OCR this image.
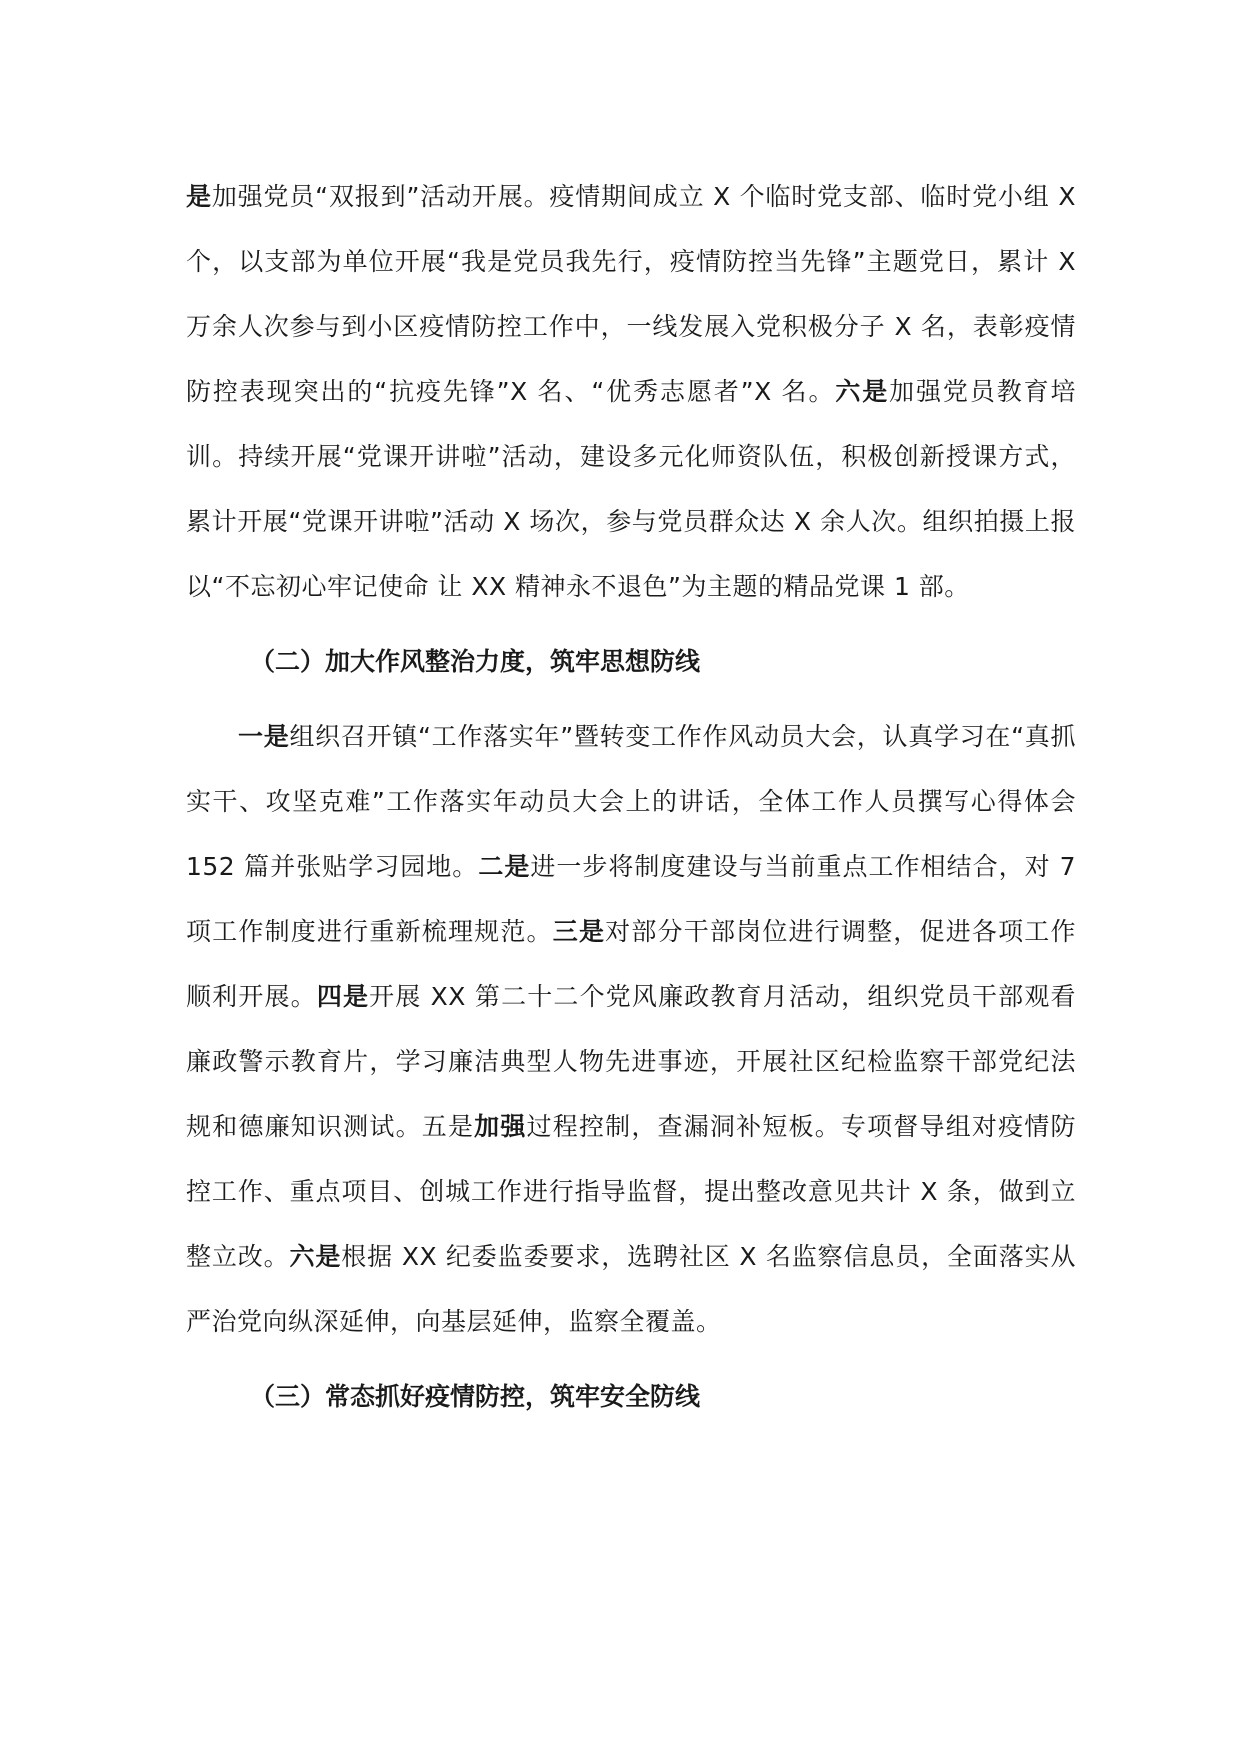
是加强党员“双报到”活动开展。疫情期间成立 X 个临时党支部、临时党小组 X 个，以支部为单位开展“我是党员我先行，疫情防控当先锋”主题党日，累计 X 万余人次参与到小区疫情防控工作中，一线发展入党积极分子 X 名，表彰疫情防控表现突出的“抗疫先锋”X 名、“优秀志愿者”X 名。六是加强党员教育培训。持续开展“党课开讲啦”活动，建设多元化师资队伍，积极创新授课方式，累计开展“党课开讲啦”活动 X 场次，参与党员群众达 X 余人次。组织拍摄上报以“不忘初心牢记使命 让 XX 精神永不退色”为主题的精品党课 1 部。

（二）加大作风整治力度，筑牢思想防线

一是组织召开镇“工作落实年”暨转变工作作风动员大会，认真学习在“真抓实干、攻坚克难”工作落实年动员大会上的讲话，全体工作人员撰写心得体会 152 篇并张贴学习园地。二是进一步将制度建设与当前重点工作相结合，对 7 项工作制度进行重新梳理规范。三是对部分干部岗位进行调整，促进各项工作顺利开展。四是开展 XX 第二十二个党风廉政教育月活动，组织党员干部观看廉政警示教育片，学习廉洁典型人物先进事迹，开展社区纪检监察干部党纪法规和德廉知识测试。五是加强过程控制，查漏洞补短板。专项督导组对疫情防控工作、重点项目、创城工作进行指导监督，提出整改意见共计 X 条，做到立整立改。六是根据 XX 纪委监委要求，选聘社区 X 名监察信息员，全面落实从严治党向纵深延伸，向基层延伸，监察全覆盖。

（三）常态抓好疫情防控，筑牢安全防线
